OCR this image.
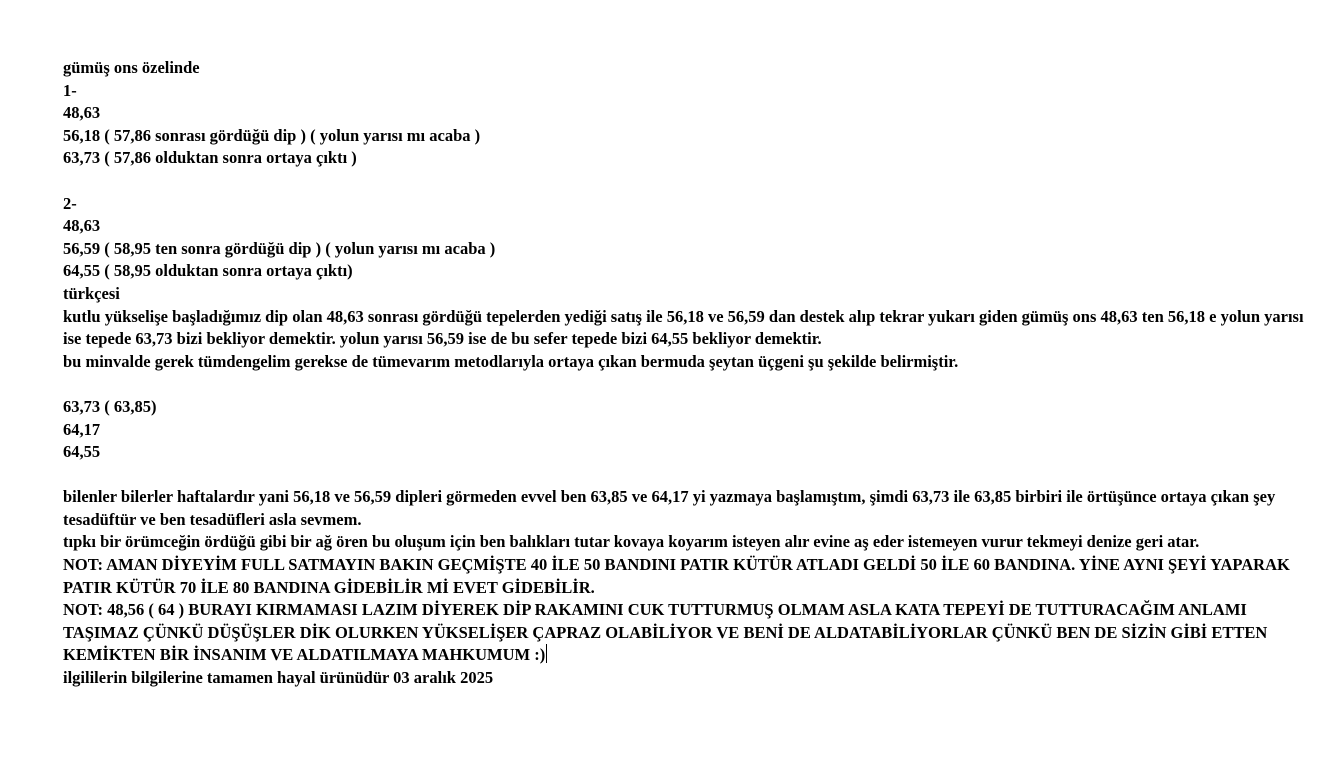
gümüş ons özelinde

1-

48,63

56,18 ( 57,86 sonrası gördüğü dip ) ( yolun yarısı mı acaba )

63,73 ( 57,86 olduktan sonra ortaya çıktı )

2-

48,63

56,59 ( 58,95 ten sonra gördüğü dip ) ( yolun yarısı mı acaba )

64,55 ( 58,95 olduktan sonra ortaya çıktı)

türkçesi

kutlu yükselişe başladığımız dip olan 48,63 sonrası gördüğü tepelerden yediği satış ile 56,18 ve 56,59 dan destek alıp tekrar yukarı giden gümüş ons 48,63 ten 56,18 e yolun yarısı ise tepede 63,73 bizi bekliyor demektir. yolun yarısı 56,59 ise de bu sefer tepede bizi 64,55 bekliyor demektir.

bu minvalde gerek tümdengelim gerekse de tümevarım metodlarıyla ortaya çıkan bermuda şeytan üçgeni şu şekilde belirmiştir.

63,73 ( 63,85)

64,17

64,55

bilenler bilerler haftalardır yani 56,18 ve 56,59 dipleri görmeden evvel ben 63,85 ve 64,17 yi yazmaya başlamıştım, şimdi 63,73 ile 63,85 birbiri ile örtüşünce ortaya çıkan şey tesadüftür ve ben tesadüfleri asla sevmem.

tıpkı bir örümceğin ördüğü gibi bir ağ ören bu oluşum için ben balıkları tutar kovaya koyarım isteyen alır evine aş eder istemeyen vurur tekmeyi denize geri atar.

NOT: AMAN DİYEYİM FULL SATMAYIN BAKIN GEÇMİŞTE 40 İLE 50 BANDINI PATIR KÜTÜR ATLADI GELDİ 50 İLE 60 BANDINA. YİNE AYNI ŞEYİ YAPARAK PATIR KÜTÜR 70 İLE 80 BANDINA GİDEBİLİR Mİ EVET GİDEBİLİR.

NOT: 48,56 ( 64 ) BURAYI KIRMAMASI LAZIM DİYEREK DİP RAKAMINI CUK TUTTURMUŞ OLMAM ASLA KATA TEPEYİ DE TUTTURACAĞIM ANLAMI TAŞIMAZ ÇÜNKÜ DÜŞÜŞLER DİK OLURKEN YÜKSELİŞER ÇAPRAZ OLABİLİYOR VE BENİ DE ALDATABİLİYORLAR ÇÜNKÜ BEN DE SİZİN GİBİ ETTEN KEMİKTEN BİR İNSANIM VE ALDATILMAYA MAHKUMUM :)

ilgililerin bilgilerine tamamen hayal ürünüdür 03 aralık 2025
